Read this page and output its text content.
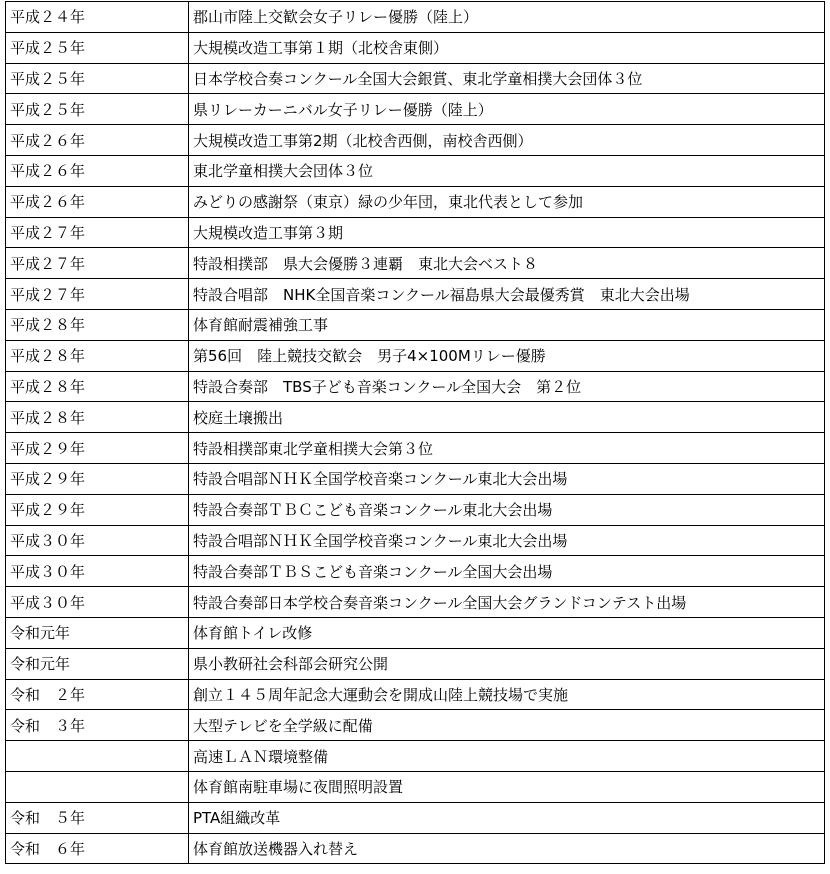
平成２４年	郡山市陸上交歓会女子リレー優勝（陸上）
平成２５年	大規模改造工事第１期（北校舎東側）
平成２５年	日本学校合奏コンクール全国大会銀賞、東北学童相撲大会団体３位
平成２５年	県リレーカーニバル女子リレー優勝（陸上）
平成２６年	大規模改造工事第2期（北校舎西側，南校舎西側）
平成２６年	東北学童相撲大会団体３位
平成２６年	みどりの感謝祭（東京）緑の少年団，東北代表として参加
平成２７年	大規模改造工事第３期
平成２７年	特設相撲部　県大会優勝３連覇　東北大会ベスト８
平成２７年	特設合唱部　NHK全国音楽コンクール福島県大会最優秀賞　東北大会出場
平成２８年	体育館耐震補強工事
平成２８年	第56回　陸上競技交歓会　男子4×100Mリレー優勝
平成２８年	特設合奏部　TBS子ども音楽コンクール全国大会　第２位
平成２８年	校庭土壌搬出
平成２９年	特設相撲部東北学童相撲大会第３位
平成２９年	特設合唱部ＮＨＫ全国学校音楽コンクール東北大会出場
平成２９年	特設合奏部ＴＢＣこども音楽コンクール東北大会出場
平成３０年	特設合唱部ＮＨＫ全国学校音楽コンクール東北大会出場
平成３０年	特設合奏部ＴＢＳこども音楽コンクール全国大会出場
平成３０年	特設合奏部日本学校合奏音楽コンクール全国大会グランドコンテスト出場
令和元年	体育館トイレ改修
令和元年	県小教研社会科部会研究公開
令和　２年	創立１４５周年記念大運動会を開成山陸上競技場で実施
令和　３年	大型テレビを全学級に配備
	高速ＬＡＮ環境整備
	体育館南駐車場に夜間照明設置
令和　５年	PTA組織改革
令和　６年	体育館放送機器入れ替え
